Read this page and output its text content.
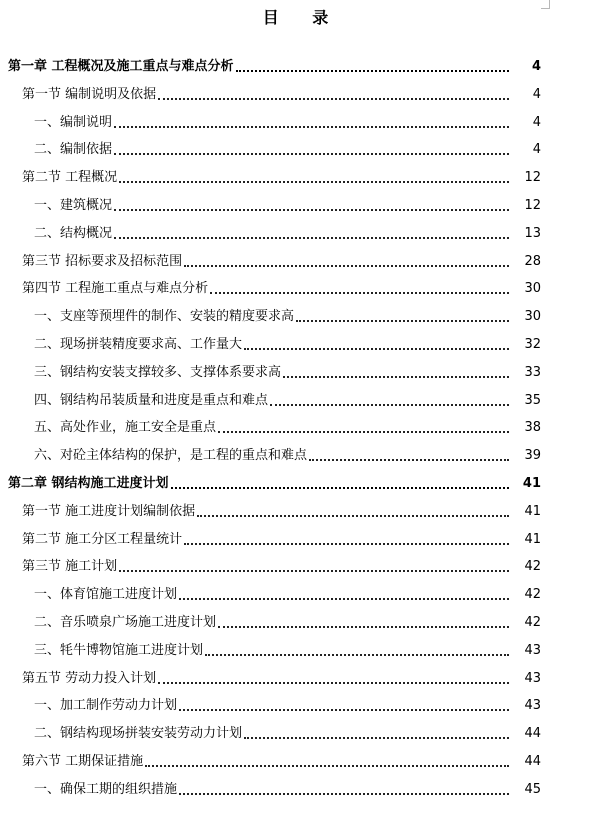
目 录
第一章 工程概况及施工重点与难点分析	4
第一节 编制说明及依据	4
一、编制说明	4
二、编制依据	4
第二节 工程概况	12
一、建筑概况	12
二、结构概况	13
第三节 招标要求及招标范围	28
第四节 工程施工重点与难点分析	30
一、支座等预埋件的制作、安装的精度要求高	30
二、现场拼装精度要求高、工作量大	32
三、钢结构安装支撑较多、支撑体系要求高	33
四、钢结构吊装质量和进度是重点和难点	35
五、高处作业，施工安全是重点	38
六、对砼主体结构的保护，是工程的重点和难点	39
第二章 钢结构施工进度计划	41
第一节 施工进度计划编制依据	41
第二节 施工分区工程量统计	41
第三节 施工计划	42
一、体育馆施工进度计划	42
二、音乐喷泉广场施工进度计划	42
三、牦牛博物馆施工进度计划	43
第五节 劳动力投入计划	43
一、加工制作劳动力计划	43
二、钢结构现场拼装安装劳动力计划	44
第六节 工期保证措施	44
一、确保工期的组织措施	45
